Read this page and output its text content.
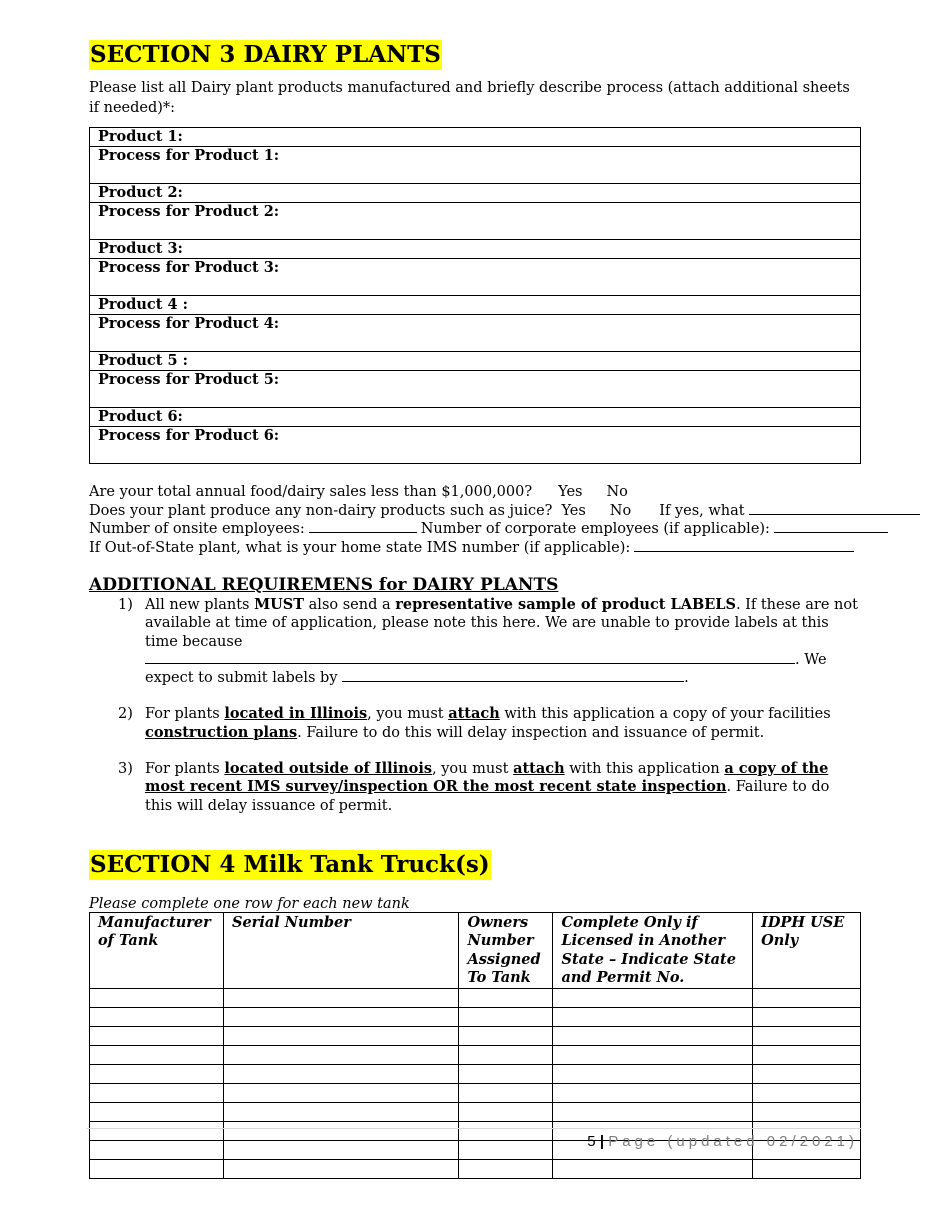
SECTION 3 DAIRY PLANTS

Please list all Dairy plant products manufactured and briefly describe process (attach additional sheets if needed)*:

Product 1:
Process for Product 1:
Product 2:
Process for Product 2:
Product 3:
Process for Product 3:
Product 4 :
Process for Product 4:
Product 5 :
Process for Product 5:
Product 6:
Process for Product 6:
Are your total annual food/dairy sales less than $1,000,000? Yes No
Does your plant produce any non-dairy products such as juice? Yes No If yes, what
Number of onsite employees:	Number of corporate employees (if applicable):
If Out-of-State plant, what is your home state IMS number (if applicable):
ADDITIONAL REQUIREMENS for DAIRY PLANTS
1) All new plants MUST also send a representative sample of product LABELS. If these are not available at time of application, please note this here. We are unable to provide labels at this time because . We expect to submit labels by	.
2) For plants located in Illinois, you must attach with this application a copy of your facilities construction plans. Failure to do this will delay inspection and issuance of permit.
3) For plants located outside of Illinois, you must attach with this application a copy of the most recent IMS survey/inspection OR the most recent state inspection. Failure to do this will delay issuance of permit.
SECTION 4 Milk Tank Truck(s)

Please complete one row for each new tank

Manufacturer of Tank	Serial Number	Owners Number Assigned To Tank	Complete Only if Licensed in Another State – Indicate State and Permit No.	IDPH USE Only

5 | Page (updated 02/2021)
